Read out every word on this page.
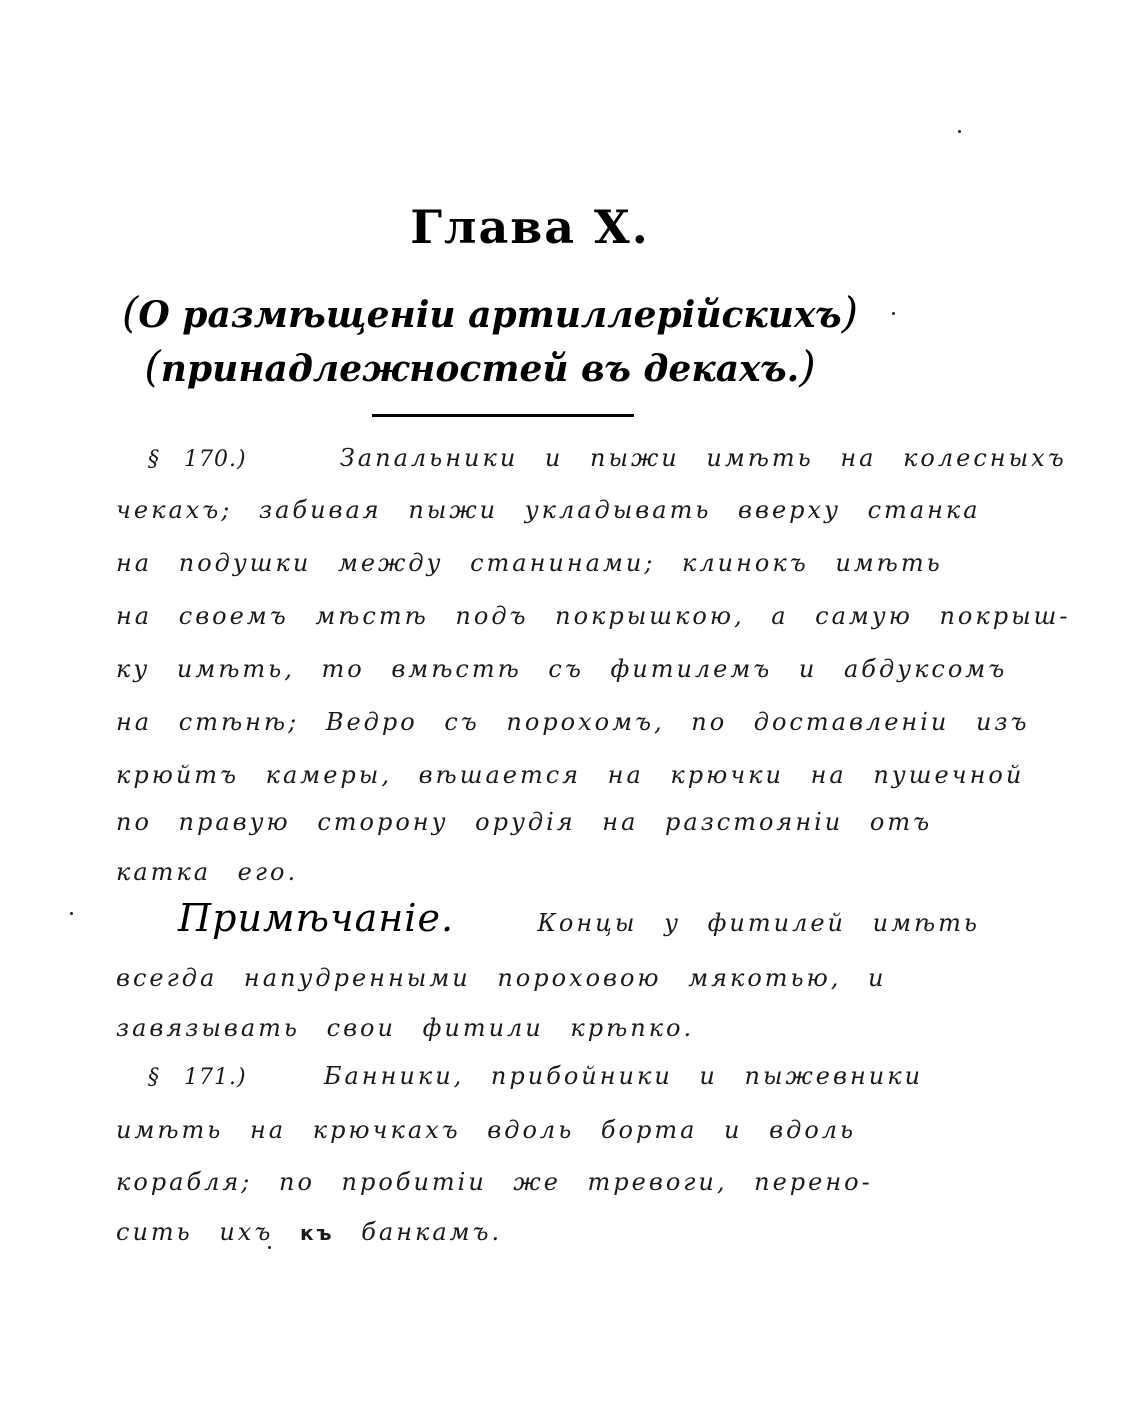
Глава X.
(О размѣщеніи артиллерійскихъ)
(принадлежностей въ декахъ.)
§ 170.)	Запальники и пыжи имѣть на колесныхъ
чекахъ; забивая пыжи укладывать вверху станка
на подушки между станинами; клинокъ имѣть
на своемъ мѣстѣ подъ покрышкою, а самую покрыш-
ку имѣть, то вмѣстѣ съ фитилемъ и абдуксомъ
на стѣнѣ; Ведро съ порохомъ, по доставленіи изъ
крюйтъ камеры, вѣшается на крючки на пушечной
по правую сторону орудія на разстояніи отъ
катка его.
Примѣчаніе.	Концы у фитилей имѣть
всегда напудренными пороховою мякотью, и
завязывать свои фитили крѣпко.
§ 171.)	Банники, прибойники и пыжевники
имѣть на крючкахъ вдоль борта и вдоль
корабля; по пробитіи же тревоги, перено-
сить ихъ къ банкамъ.
